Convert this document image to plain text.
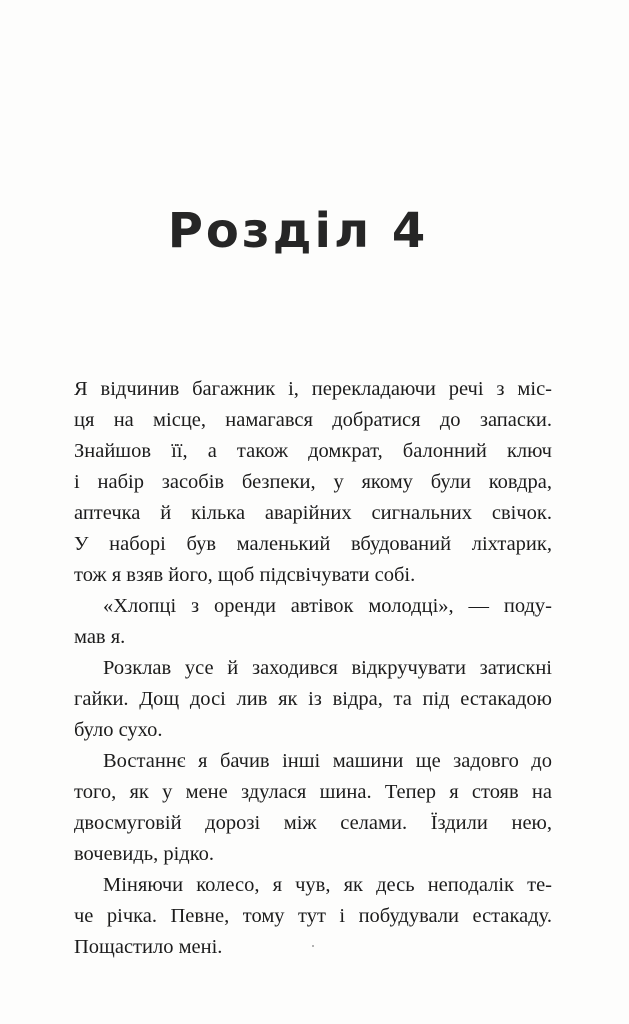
Розділ 4
Я відчинив багажник і, перекладаючи речі з міс-
ця на місце, намагався добратися до запаски.
Знайшов її, а також домкрат, балонний ключ
і набір засобів безпеки, у якому були ковдра,
аптечка й кілька аварійних сигнальних свічок.
У наборі був маленький вбудований ліхтарик,
тож я взяв його, щоб підсвічувати собі.
«Хлопці з оренди автівок молодці», — поду-
мав я.
Розклав усе й заходився відкручувати затискні
гайки. Дощ досі лив як із відра, та під естакадою
було сухо.
Востаннє я бачив інші машини ще задовго до
того, як у мене здулася шина. Тепер я стояв на
двосмуговій дорозі між селами. Їздили нею,
вочевидь, рідко.
Міняючи колесо, я чув, як десь неподалік те-
че річка. Певне, тому тут і побудували естакаду.
Пощастило мені.
